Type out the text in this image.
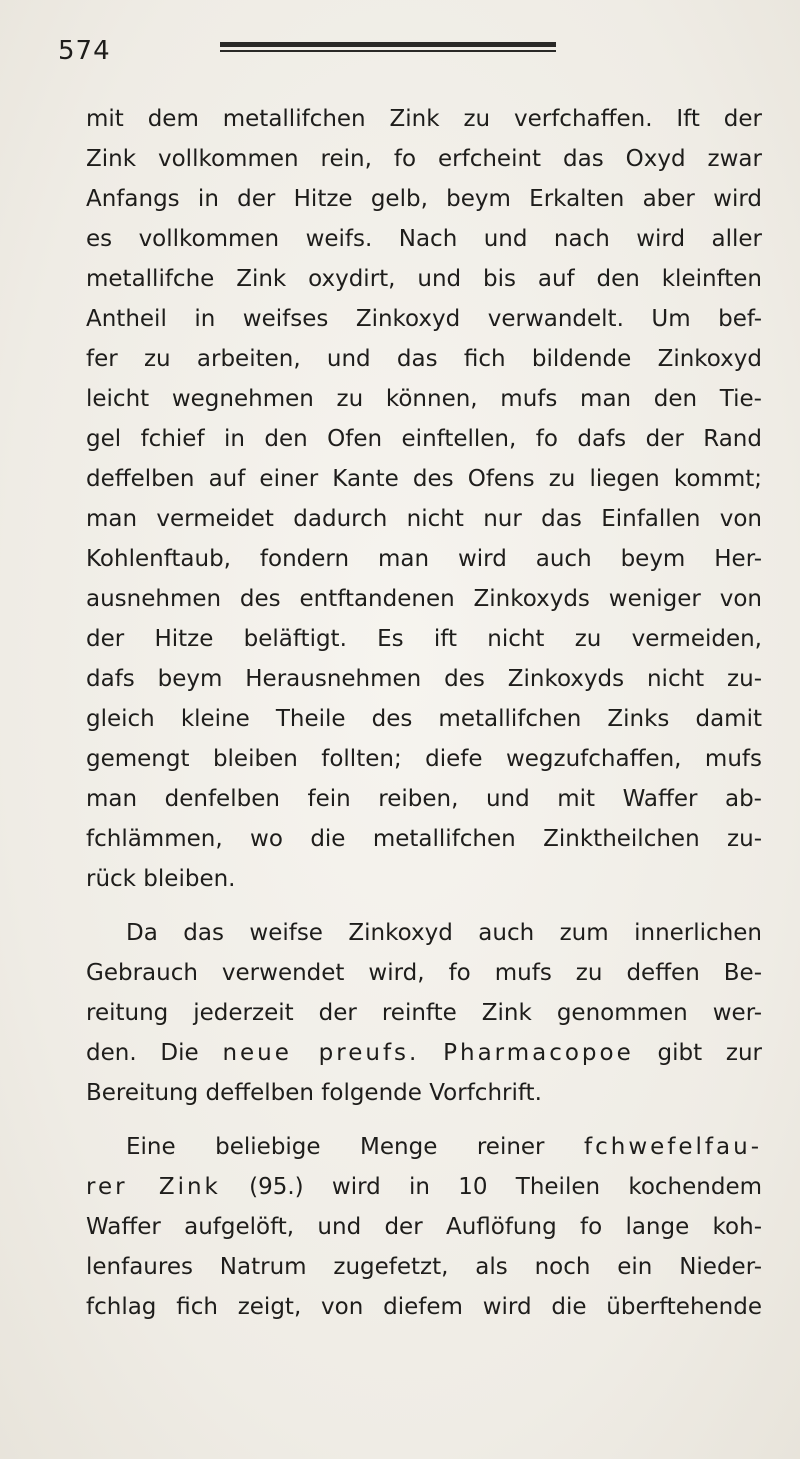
574
mit dem metallifchen Zink zu verfchaffen. Ift der
Zink vollkommen rein, fo erfcheint das Oxyd zwar
Anfangs in der Hitze gelb, beym Erkalten aber wird
es vollkommen weifs. Nach und nach wird aller
metallifche Zink oxydirt, und bis auf den kleinften
Antheil in weifses Zinkoxyd verwandelt. Um bef-
fer zu arbeiten, und das fich bildende Zinkoxyd
leicht wegnehmen zu können, mufs man den Tie-
gel fchief in den Ofen einftellen, fo dafs der Rand
deffelben auf einer Kante des Ofens zu liegen kommt;
man vermeidet dadurch nicht nur das Einfallen von
Kohlenftaub, fondern man wird auch beym Her-
ausnehmen des entftandenen Zinkoxyds weniger von
der Hitze beläftigt. Es ift nicht zu vermeiden,
dafs beym Herausnehmen des Zinkoxyds nicht zu-
gleich kleine Theile des metallifchen Zinks damit
gemengt bleiben follten; diefe wegzufchaffen, mufs
man denfelben fein reiben, und mit Waffer ab-
fchlämmen, wo die metallifchen Zinktheilchen zu-
rück bleiben.
Da das weifse Zinkoxyd auch zum innerlichen
Gebrauch verwendet wird, fo mufs zu deffen Be-
reitung jederzeit der reinfte Zink genommen wer-
den. Die neue preufs. Pharmacopoe gibt zur
Bereitung deffelben folgende Vorfchrift.
Eine beliebige Menge reiner fchwefelfau-
rer Zink (95.) wird in 10 Theilen kochendem
Waffer aufgelöft, und der Auflöfung fo lange koh-
lenfaures Natrum zugefetzt, als noch ein Nieder-
fchlag fich zeigt, von diefem wird die überftehende
